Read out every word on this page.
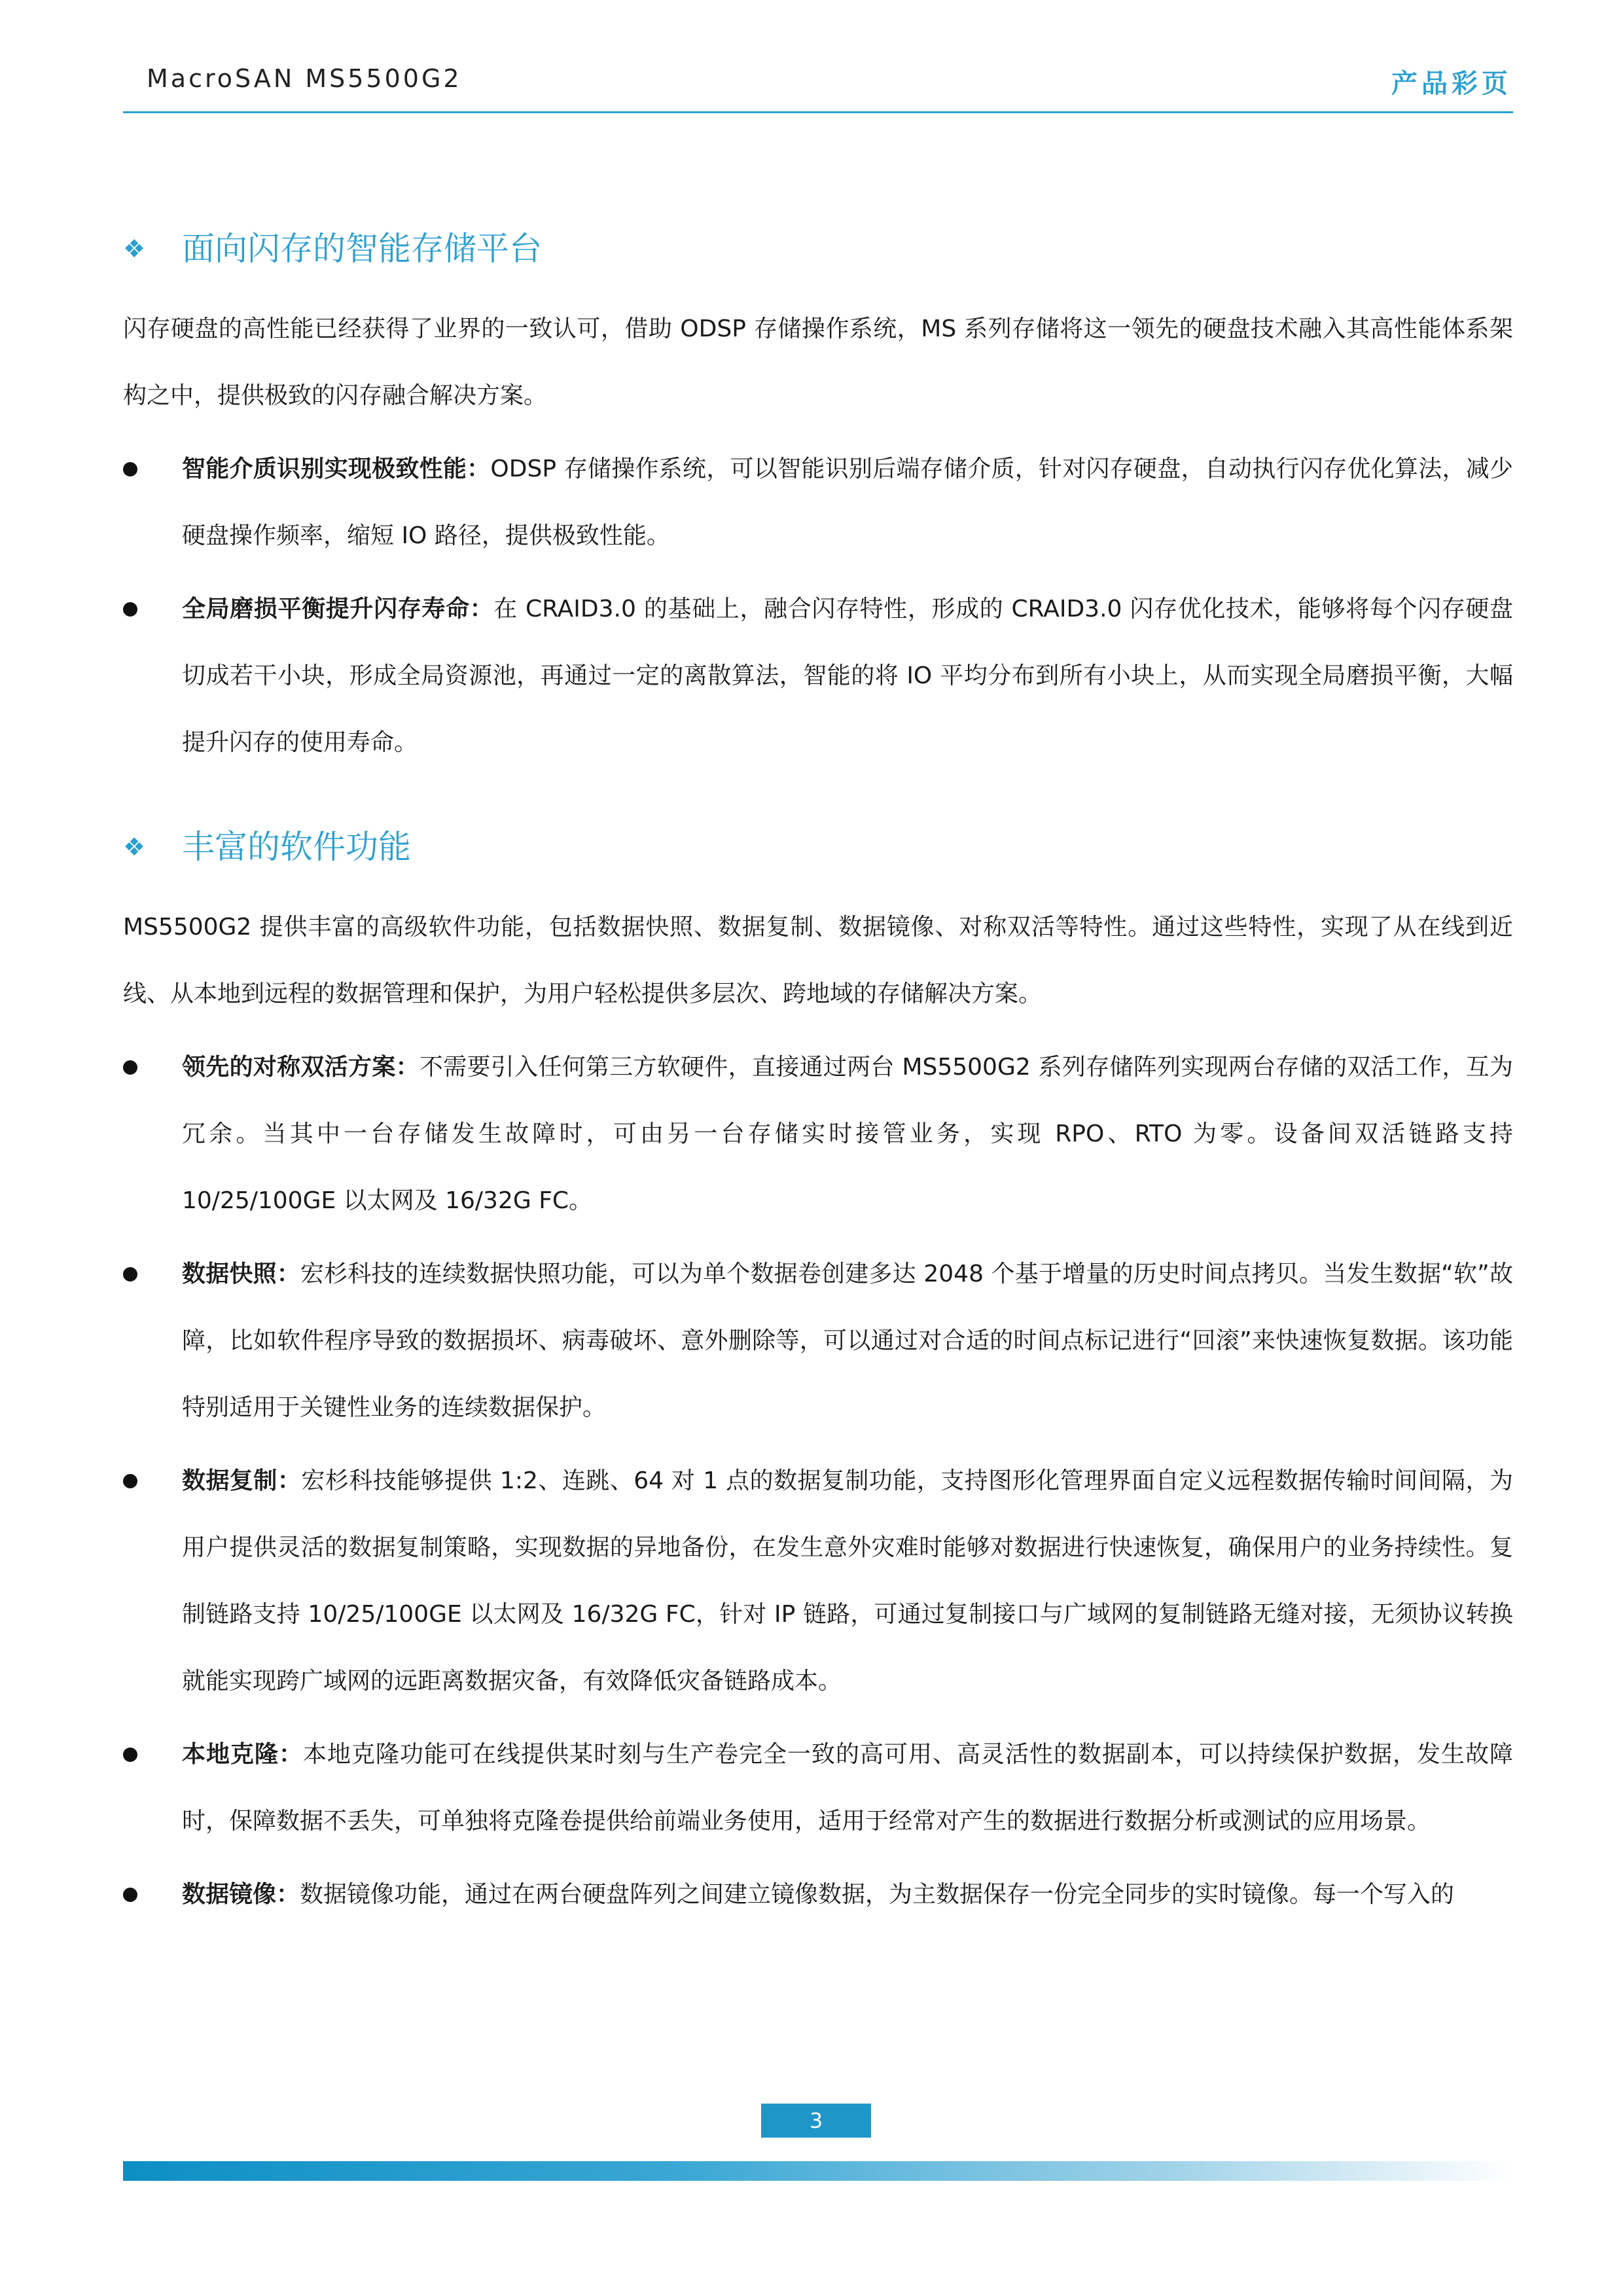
MacroSAN MS5500G2	产品彩页
❖ 面向闪存的智能存储平台

闪存硬盘的高性能已经获得了业界的一致认可，借助 ODSP 存储操作系统，MS 系列存储将这一领先的硬盘技术融入其高性能体系架构之中，提供极致的闪存融合解决方案。

智能介质识别实现极致性能：ODSP 存储操作系统，可以智能识别后端存储介质，针对闪存硬盘，自动执行闪存优化算法，减少硬盘操作频率，缩短 IO 路径，提供极致性能。
全局磨损平衡提升闪存寿命：在 CRAID3.0 的基础上，融合闪存特性，形成的 CRAID3.0 闪存优化技术，能够将每个闪存硬盘切成若干小块，形成全局资源池，再通过一定的离散算法，智能的将 IO 平均分布到所有小块上，从而实现全局磨损平衡，大幅提升闪存的使用寿命。
❖ 丰富的软件功能

MS5500G2 提供丰富的高级软件功能，包括数据快照、数据复制、数据镜像、对称双活等特性。通过这些特性，实现了从在线到近线、从本地到远程的数据管理和保护，为用户轻松提供多层次、跨地域的存储解决方案。

领先的对称双活方案：不需要引入任何第三方软硬件，直接通过两台 MS5500G2 系列存储阵列实现两台存储的双活工作，互为冗余。当其中一台存储发生故障时，可由另一台存储实时接管业务，实现 RPO、RTO 为零。设备间双活链路支持 10/25/100GE 以太网及 16/32G FC。
数据快照：宏杉科技的连续数据快照功能，可以为单个数据卷创建多达 2048 个基于增量的历史时间点拷贝。当发生数据“软”故障，比如软件程序导致的数据损坏、病毒破坏、意外删除等，可以通过对合适的时间点标记进行“回滚”来快速恢复数据。该功能特别适用于关键性业务的连续数据保护。
数据复制：宏杉科技能够提供 1:2、连跳、64 对 1 点的数据复制功能，支持图形化管理界面自定义远程数据传输时间间隔，为用户提供灵活的数据复制策略，实现数据的异地备份，在发生意外灾难时能够对数据进行快速恢复，确保用户的业务持续性。复制链路支持 10/25/100GE 以太网及 16/32G FC，针对 IP 链路，可通过复制接口与广域网的复制链路无缝对接，无须协议转换就能实现跨广域网的远距离数据灾备，有效降低灾备链路成本。
本地克隆：本地克隆功能可在线提供某时刻与生产卷完全一致的高可用、高灵活性的数据副本，可以持续保护数据，发生故障时，保障数据不丢失，可单独将克隆卷提供给前端业务使用，适用于经常对产生的数据进行数据分析或测试的应用场景。
数据镜像：数据镜像功能，通过在两台硬盘阵列之间建立镜像数据，为主数据保存一份完全同步的实时镜像。每一个写入的
3
